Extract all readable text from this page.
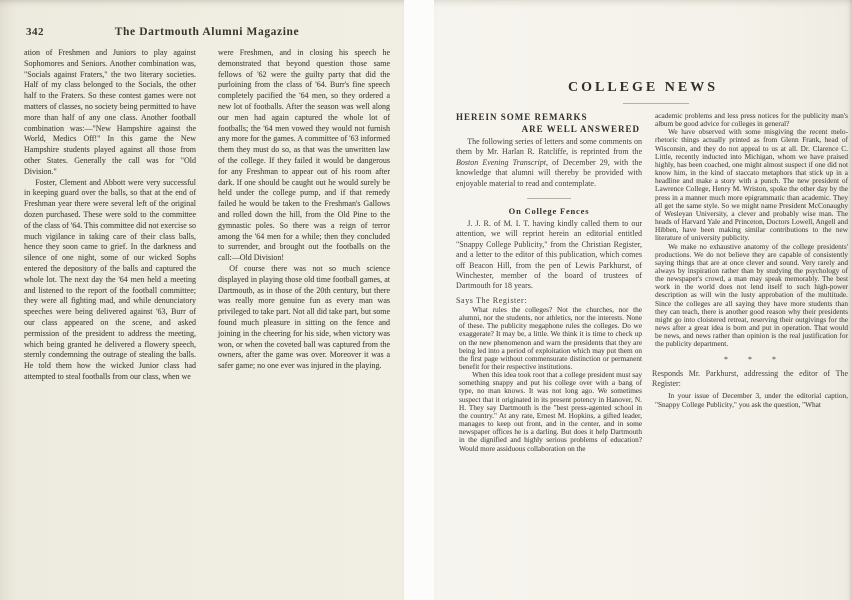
342	The Dartmouth Alumni Magazine

ation of Freshmen and Juniors to play against Sophomores and Seniors. Another combination was, "Socials against Fraters," the two literary societies. Half of my class belonged to the Socials, the other half to the Fraters. So these contest games were not matters of classes, no society being permitted to have more than half of any one class. Another football combination was:—"New Hampshire against the World, Medics Off!" In this game the New Hampshire students played against all those from other States. Generally the call was for "Old Division."

Foster, Clement and Abbott were very successful in keeping guard over the balls, so that at the end of Freshman year there were several left of the original dozen purchased. These were sold to the committee of the class of '64. This committee did not exercise so much vigilance in taking care of their class balls, hence they soon came to grief. In the darkness and silence of one night, some of our wicked Sophs entered the depository of the balls and captured the whole lot. The next day the '64 men held a meeting and listened to the report of the football committee; they were all fighting mad, and while denunciatory speeches were being delivered against '63, Burr of our class appeared on the scene, and asked permission of the president to address the meeting, which being granted he delivered a flowery speech, sternly condemning the outrage of stealing the balls. He told them how the wicked Junior class had attempted to steal footballs from our class, when we

were Freshmen, and in closing his speech he demonstrated that beyond question those same fellows of '62 were the guilty party that did the purloining from the class of '64. Burr's fine speech completely pacified the '64 men, so they ordered a new lot of footballs. After the season was well along our men had again captured the whole lot of footballs; the '64 men vowed they would not furnish any more for the games. A committee of '63 informed them they must do so, as that was the unwritten law of the college. If they failed it would be dangerous for any Freshman to appear out of his room after dark. If one should be caught out he would surely be held under the college pump, and if that remedy failed he would be taken to the Freshman's Gallows and rolled down the hill, from the Old Pine to the gymnastic poles. So there was a reign of terror among the '64 men for a while; then they concluded to surrender, and brought out the footballs on the call:—Old Division!

Of course there was not so much science displayed in playing those old time football games, at Dartmouth, as in those of the 20th century, but there was really more genuine fun as every man was privileged to take part. Not all did take part, but some found much pleasure in sitting on the fence and joining in the cheering for his side, when victory was won, or when the coveted ball was captured from the owners, after the game was over. Moreover it was a safer game; no one ever was injured in the playing.

COLLEGE NEWS

HEREIN SOME REMARKS

ARE WELL ANSWERED

The following series of letters and some comments on them by Mr. Harlan R. Ratcliffe, is reprinted from the Boston Evening Transcript, of December 29, with the knowledge that alumni will thereby be provided with enjoyable material to read and contemplate.

On College Fences

J. J. R. of M. I. T. having kindly called them to our attention, we will reprint herein an editorial entitled "Snappy College Publicity," from the Christian Register, and a letter to the editor of this publication, which comes off Beacon Hill, from the pen of Lewis Parkhurst, of Winchester, member of the board of trustees of Dartmouth for 18 years.

Says The Register:

What rules the colleges? Not the churches, nor the alumni, nor the students, nor athletics, nor the interests. None of these. The publicity megaphone rules the colleges. Do we exaggerate? It may be, a little. We think it is time to check up on the new phenomenon and warn the presidents that they are being led into a period of exploitation which may put them on the first page without commensurate distinction or permanent benefit for their respective institutions.

When this idea took root that a college president must say something snappy and put his college over with a bang of type, no man knows. It was not long ago. We sometimes suspect that it originated in its present potency in Hanover, N. H. They say Dartmouth is the "best press-agented school in the country." At any rate, Ernest M. Hopkins, a gifted leader, manages to keep out front, and in the center, and in some newspaper offices he is a darling. But does it help Dartmouth in the dignified and highly serious problems of education? Would more assiduous collaboration on the

academic problems and less press notices for the publicity man's album be good advice for colleges in general?

We have observed with some misgiving the recent melo-rhetoric things actually printed as from Glenn Frank, head of Wisconsin, and they do not appeal to us at all. Dr. Clarence C. Little, recently inducted into Michigan, whom we have praised highly, has been coached, one might almost suspect if one did not know him, in the kind of staccato metaphors that stick up in a headline and make a story with a punch. The new president of Lawrence College, Henry M. Wriston, spoke the other day by the press in a manner much more epigrammatic than academic. They all get the same style. So we might name President McConaughy of Wesleyan University, a clever and probably wise man. The heads of Harvard Yale and Princeton, Doctors Lowell, Angell and Hibben, have been making similar contributions to the new literature of university publicity.

We make no exhaustive anatomy of the college presidents' productions. We do not believe they are capable of consistently saying things that are at once clever and sound. Very rarely and always by inspiration rather than by studying the psychology of the newspaper's crowd, a man may speak memorably. The best work in the world does not lend itself to such high-power description as will win the lusty approbation of the multitude. Since the colleges are all saying they have more students than they can teach, there is another good reason why their presidents might go into cloistered retreat, reserving their outgivings for the news after a great idea is born and put in operation. That would be news, and news rather than opinion is the real justification for the publicity department.

* * *

Responds Mr. Parkhurst, addressing the editor of The Register:

In your issue of December 3, under the editorial caption, "Snappy College Publicity," you ask the question, "What
